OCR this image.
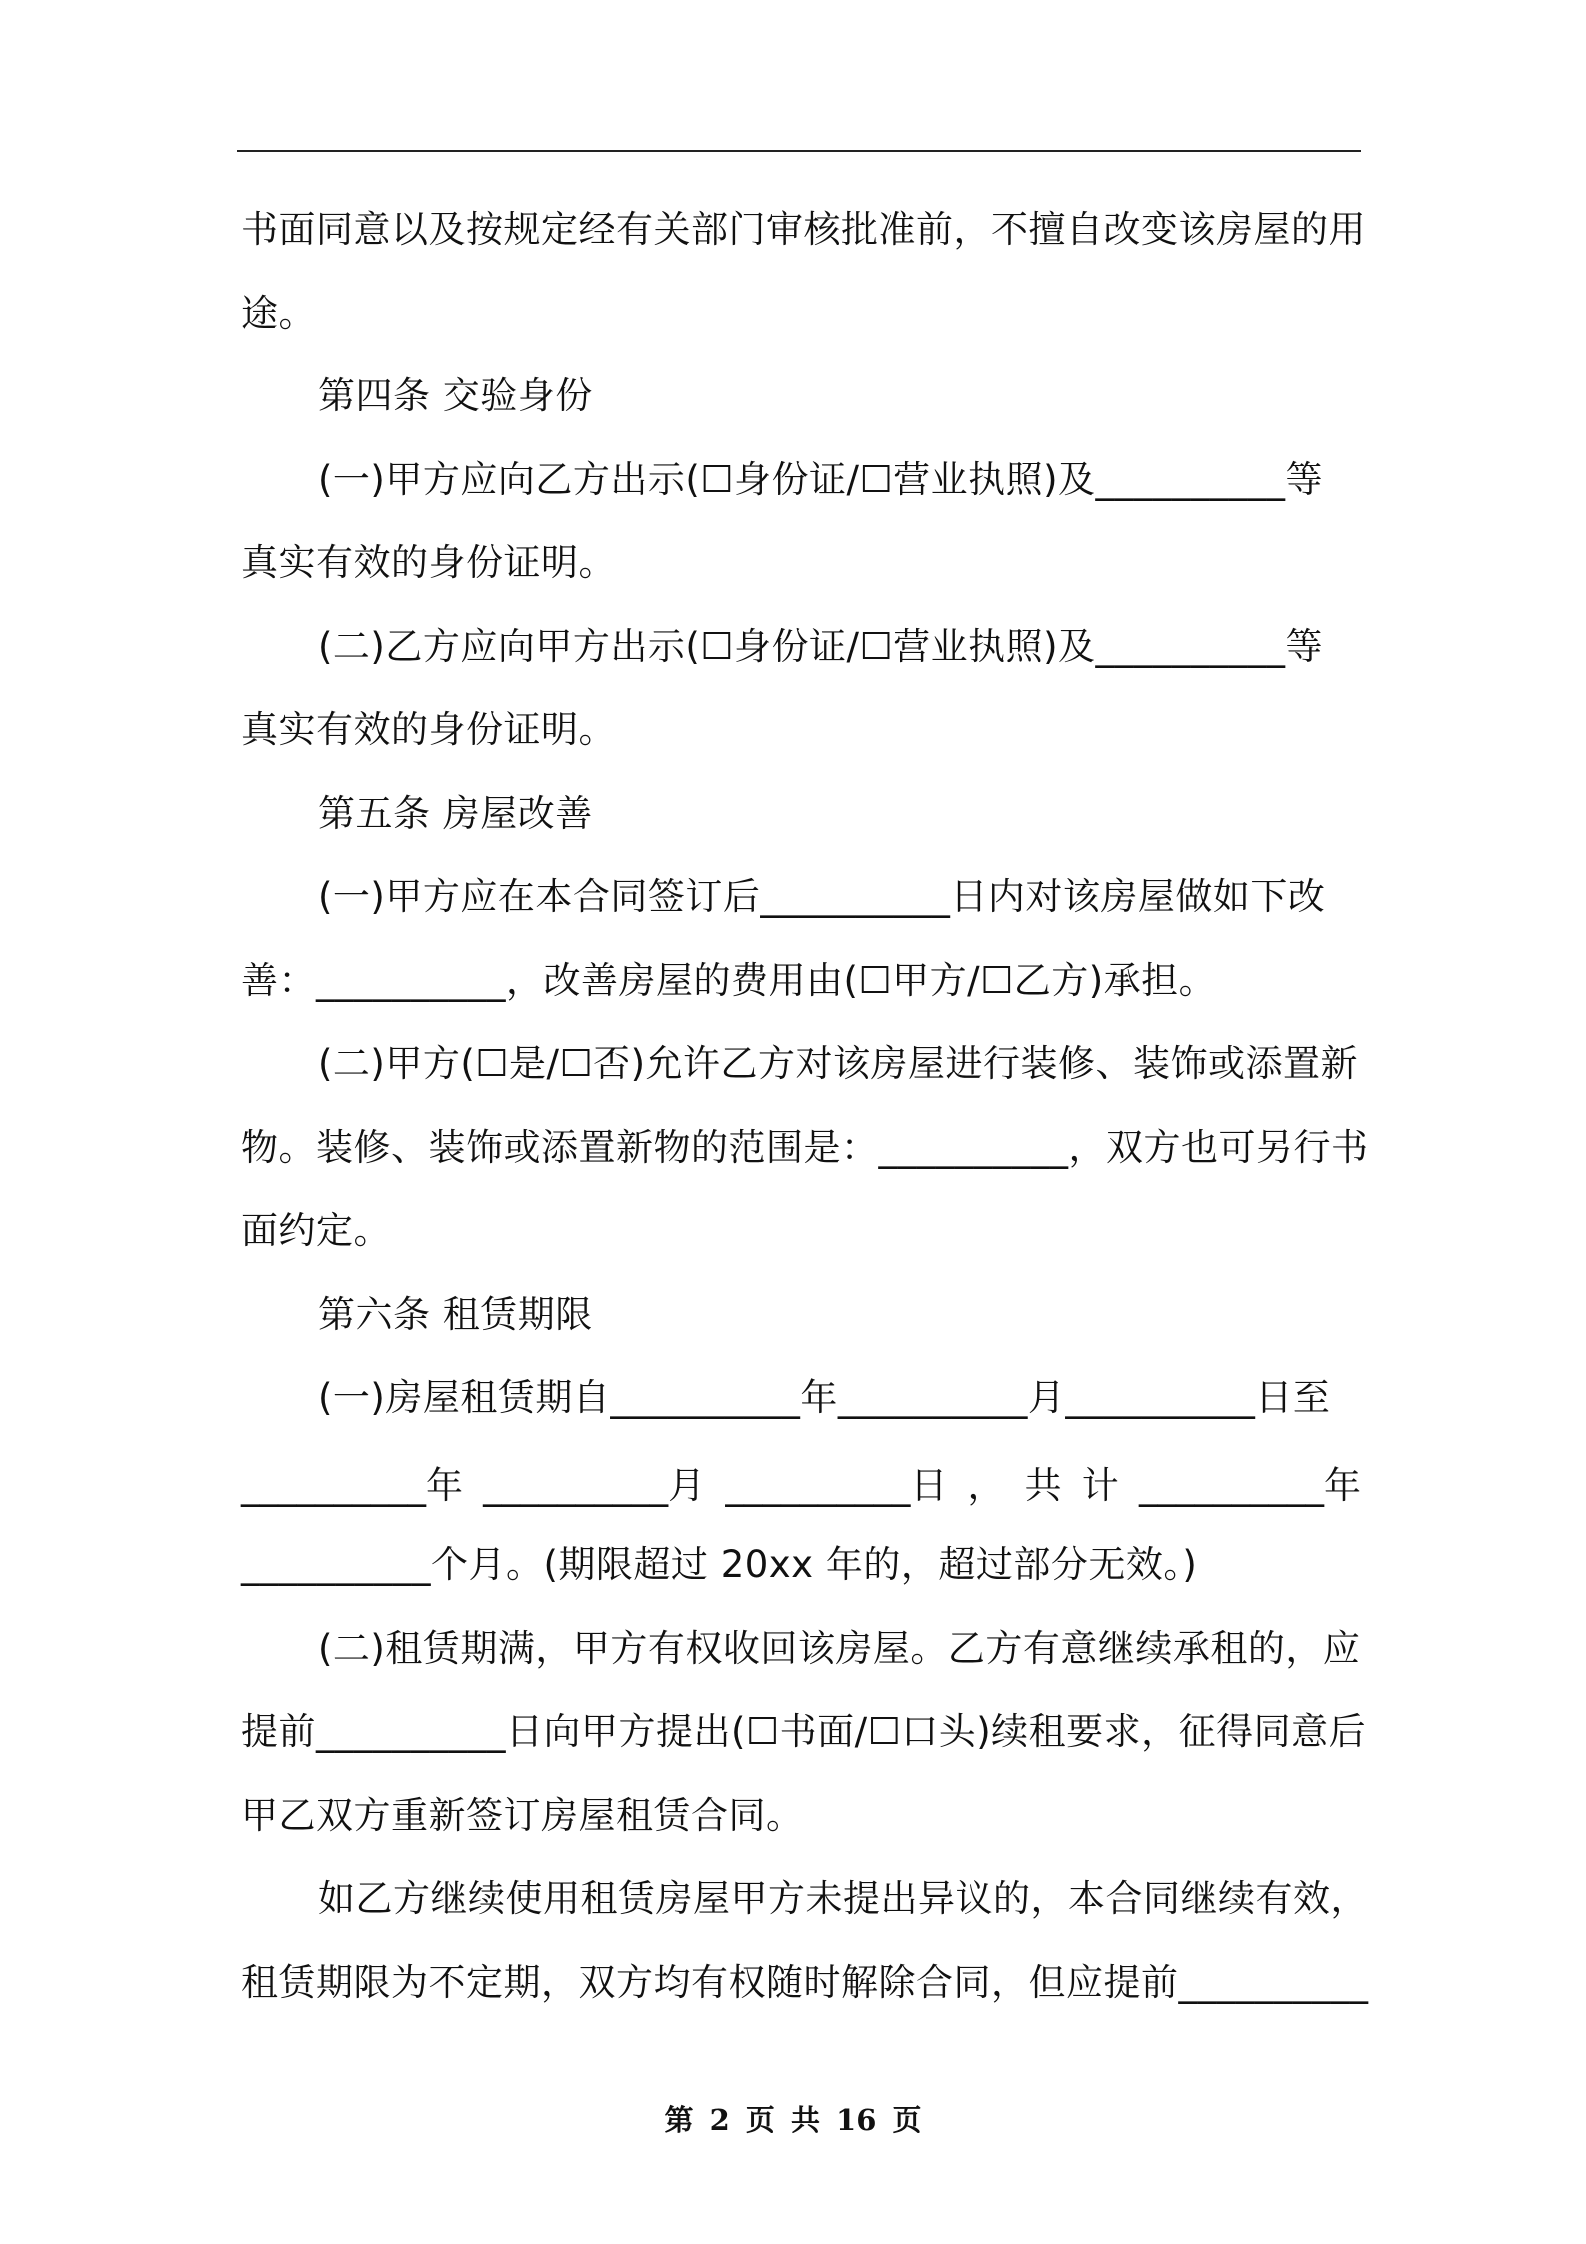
书面同意以及按规定经有关部门审核批准前，不擅自改变该房屋的用
途。
第四条 交验身份
(一)甲方应向乙方出示(☐身份证/☐营业执照)及__________等
真实有效的身份证明。
(二)乙方应向甲方出示(☐身份证/☐营业执照)及__________等
真实有效的身份证明。
第五条 房屋改善
(一)甲方应在本合同签订后__________日内对该房屋做如下改
善：__________，改善房屋的费用由(☐甲方/☐乙方)承担。
(二)甲方(☐是/☐否)允许乙方对该房屋进行装修、装饰或添置新
物。装修、装饰或添置新物的范围是：__________，双方也可另行书
面约定。
第六条 租赁期限
(一)房屋租赁期自__________年__________月__________日至
__________年 __________月 __________日 ， 共 计 __________年
__________个月。(期限超过 20xx 年的，超过部分无效。)
(二)租赁期满，甲方有权收回该房屋。乙方有意继续承租的，应
提前__________日向甲方提出(☐书面/☐口头)续租要求，征得同意后
甲乙双方重新签订房屋租赁合同。
如乙方继续使用租赁房屋甲方未提出异议的，本合同继续有效，
租赁期限为不定期，双方均有权随时解除合同，但应提前__________
第 2 页 共 16 页
